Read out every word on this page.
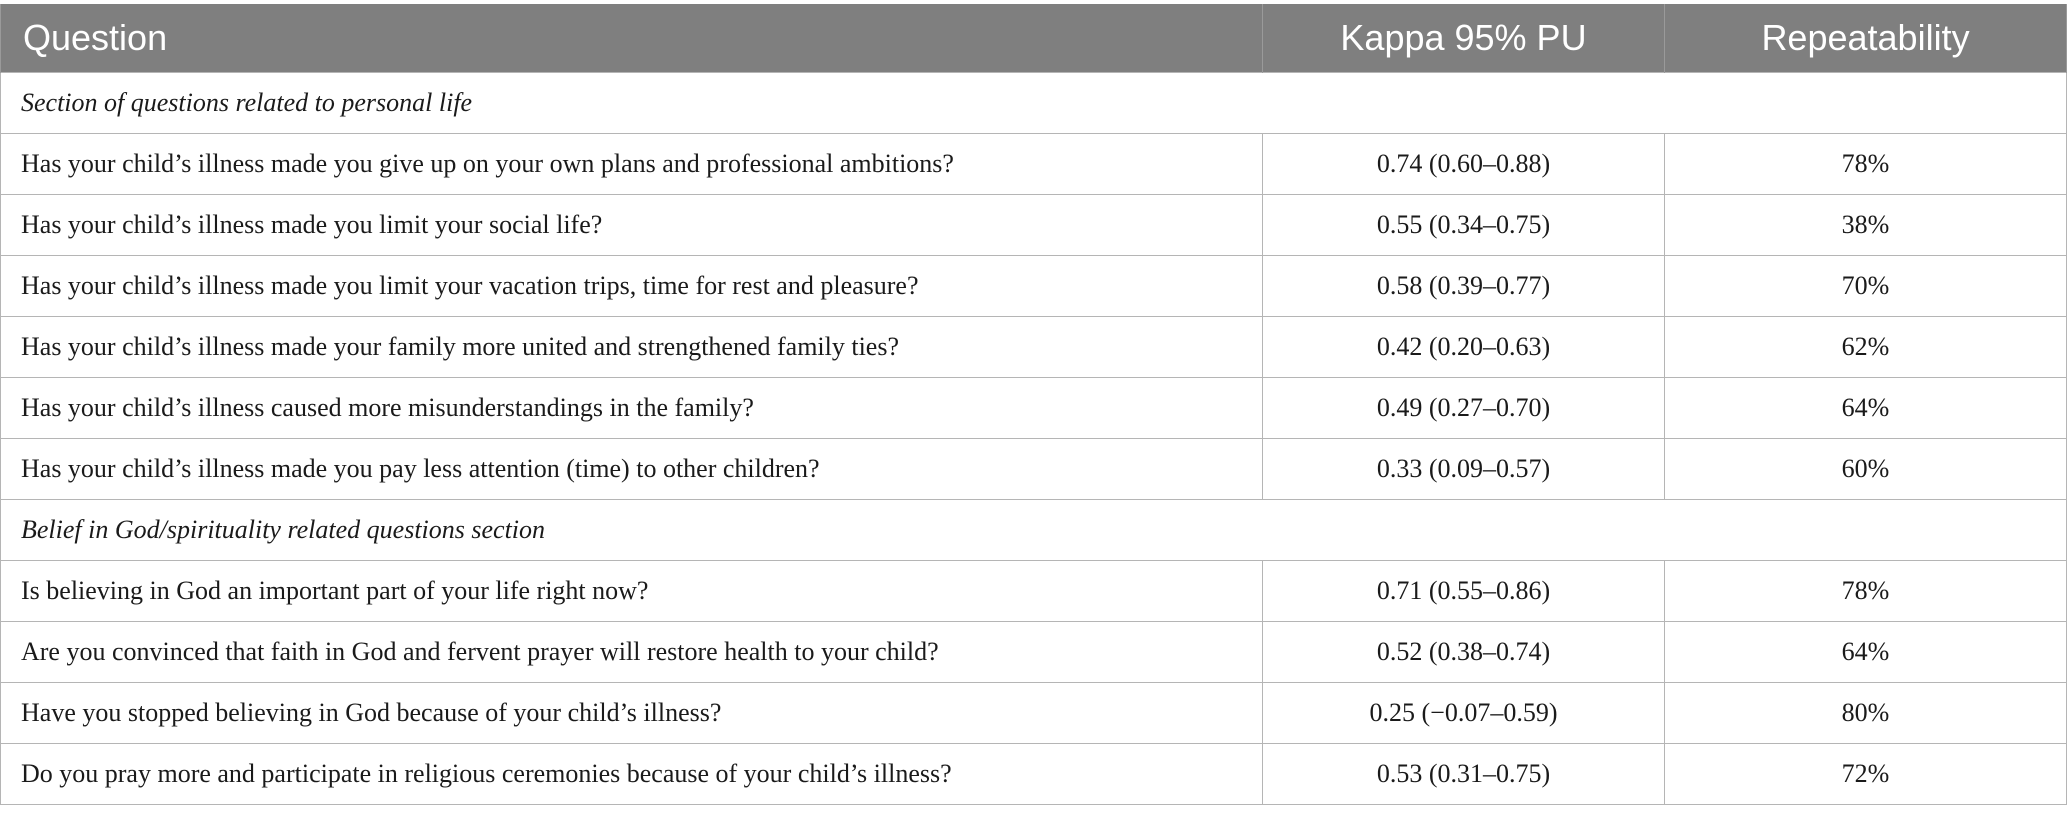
Question	Kappa 95% PU	Repeatability
Section of questions related to personal life		
Has your child’s illness made you give up on your own plans and professional ambitions?	0.74 (0.60–0.88)	78%
Has your child’s illness made you limit your social life?	0.55 (0.34–0.75)	38%
Has your child’s illness made you limit your vacation trips, time for rest and pleasure?	0.58 (0.39–0.77)	70%
Has your child’s illness made your family more united and strengthened family ties?	0.42 (0.20–0.63)	62%
Has your child’s illness caused more misunderstandings in the family?	0.49 (0.27–0.70)	64%
Has your child’s illness made you pay less attention (time) to other children?	0.33 (0.09–0.57)	60%
Belief in God/spirituality related questions section		
Is believing in God an important part of your life right now?	0.71 (0.55–0.86)	78%
Are you convinced that faith in God and fervent prayer will restore health to your child?	0.52 (0.38–0.74)	64%
Have you stopped believing in God because of your child’s illness?	0.25 (−0.07–0.59)	80%
Do you pray more and participate in religious ceremonies because of your child’s illness?	0.53 (0.31–0.75)	72%
